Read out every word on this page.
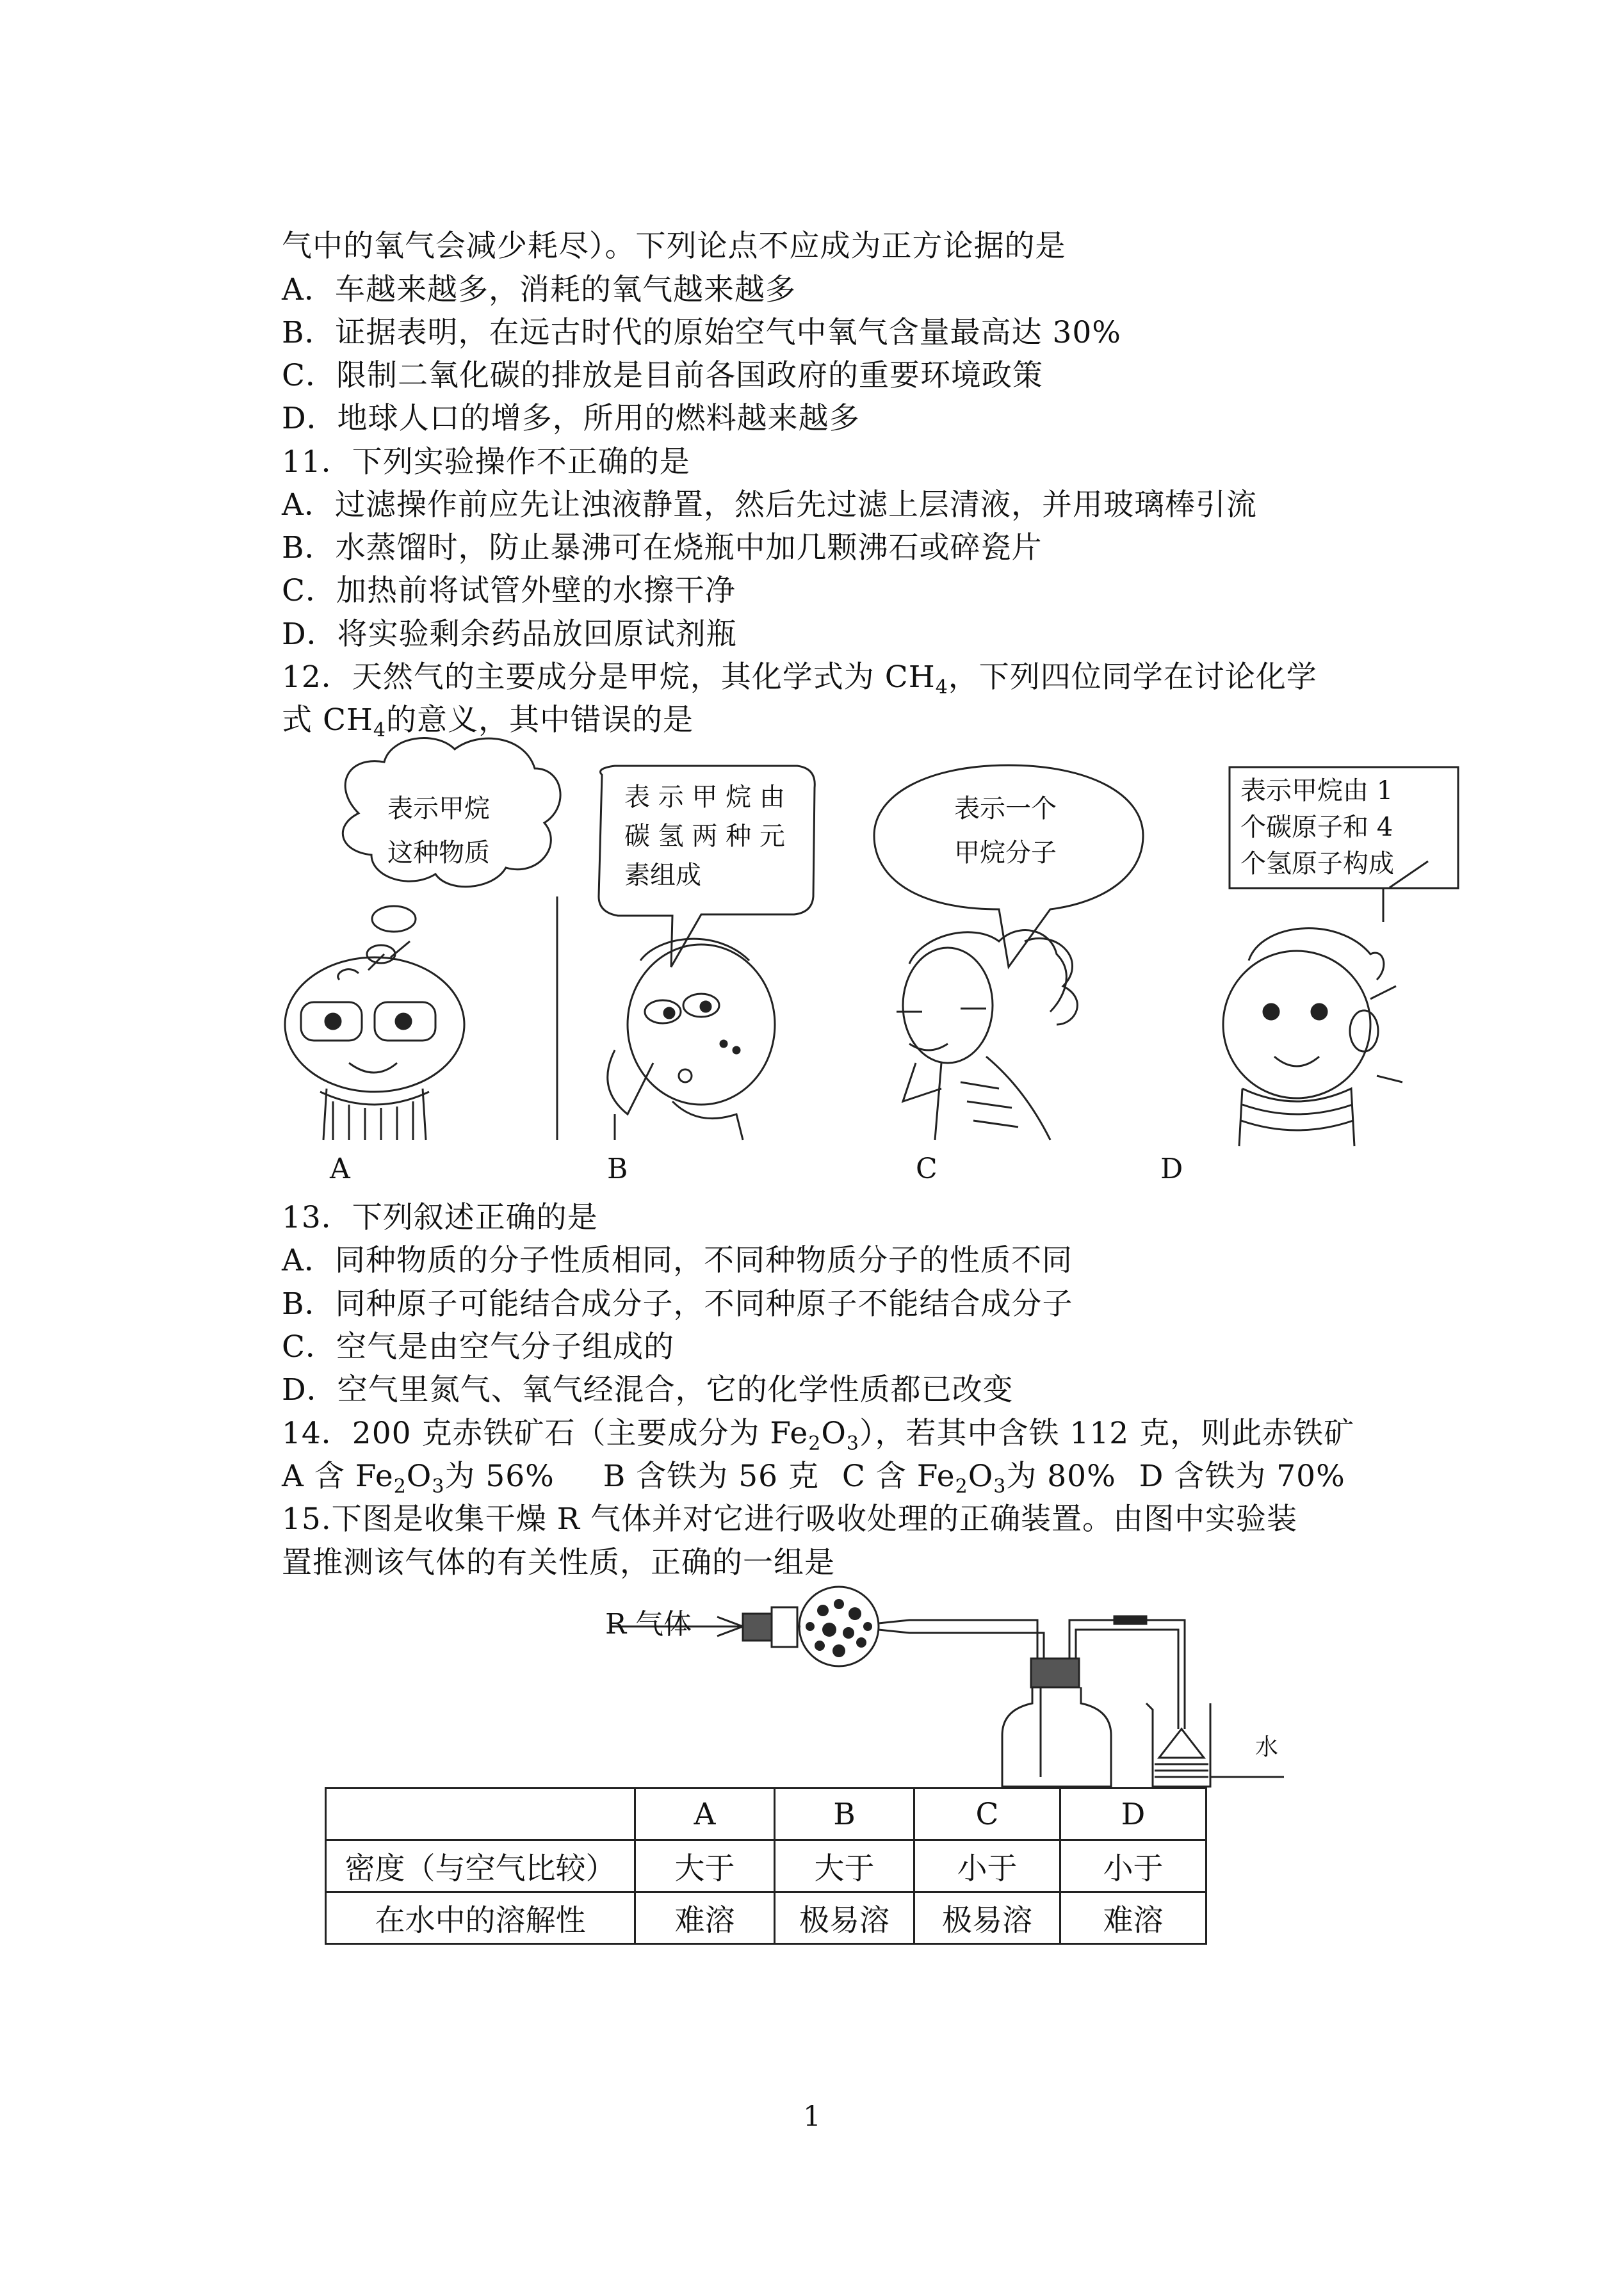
气中的氧气会减少耗尽）。下列论点不应成为正方论据的是
A．车越来越多，消耗的氧气越来越多
B．证据表明，在远古时代的原始空气中氧气含量最高达 30%
C．限制二氧化碳的排放是目前各国政府的重要环境政策
D．地球人口的增多，所用的燃料越来越多
11．下列实验操作不正确的是
A．过滤操作前应先让浊液静置，然后先过滤上层清液，并用玻璃棒引流
B．水蒸馏时，防止暴沸可在烧瓶中加几颗沸石或碎瓷片
C．加热前将试管外壁的水擦干净
D．将实验剩余药品放回原试剂瓶
12．天然气的主要成分是甲烷，其化学式为 $CH_4$，下列四位同学在讨论化学
式 $CH_4$的意义，其中错误的是
表示甲烷
这种物质
表 示 甲 烷 由
碳 氢 两 种 元
素组成
表示一个
甲烷分子
表示甲烷由 1
个碳原子和 4
个氢原子构成
A	B	C	D
13．下列叙述正确的是
A．同种物质的分子性质相同，不同种物质分子的性质不同
B．同种原子可能结合成分子，不同种原子不能结合成分子
C．空气是由空气分子组成的
D．空气里氮气、氧气经混合，它的化学性质都已改变
14．200 克赤铁矿石（主要成分为 $Fe_2O_3$），若其中含铁 112 克，则此赤铁矿
A 含 $Fe_2O_3$为 56% B 含铁为 56 克 C 含 $Fe_2O_3$为 80% D 含铁为 70%
15.下图是收集干燥 R 气体并对它进行吸收处理的正确装置。由图中实验装
置推测该气体的有关性质，正确的一组是
R 气体
水
	A	B	C	D
密度（与空气比较）	大于	大于	小于	小于
在水中的溶解性	难溶	极易溶	极易溶	难溶
1
